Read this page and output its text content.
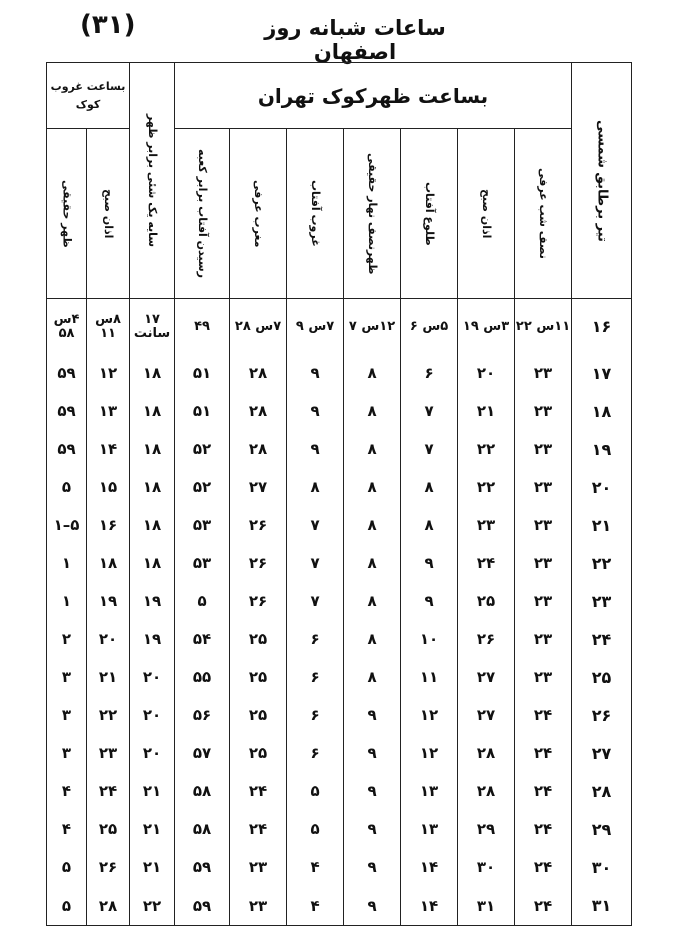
(۳۱)	ساعات شبانه روز اصفهان
تیر برطابق شمسی	بساعت ظهرکوک تهران							سایه یک شئی برابر ظهر	بساعت غروب کوک	

	نصف شب عرفی	اذان صبح	طلوع آفتاب	ظهرنصف نهار حقیقی	غروب آفتاب	مغرب عرفی	رسیدن آفتاب برابر کعبه		اذان صبح	ظهر حقیقی

۱۶	۱۱س ۲۲	۳س ۱۹	۵س ۶	۱۲س ۷	۷س ۹	۷س ۲۸	۴۹	۱۷ سانت	۸س ۱۱	۴س ۵۸
۱۷	۲۳	۲۰	۶	۸	۹	۲۸	۵۱	۱۸	۱۲	۵۹
۱۸	۲۳	۲۱	۷	۸	۹	۲۸	۵۱	۱۸	۱۳	۵۹
۱۹	۲۳	۲۲	۷	۸	۹	۲۸	۵۲	۱۸	۱۴	۵۹
۲۰	۲۳	۲۲	۸	۸	۸	۲۷	۵۲	۱۸	۱۵	۵
۲۱	۲۳	۲۳	۸	۸	۷	۲۶	۵۳	۱۸	۱۶	۵–۱
۲۲	۲۳	۲۴	۹	۸	۷	۲۶	۵۳	۱۸	۱۸	۱
۲۳	۲۳	۲۵	۹	۸	۷	۲۶	۵	۱۹	۱۹	۱
۲۴	۲۳	۲۶	۱۰	۸	۶	۲۵	۵۴	۱۹	۲۰	۲
۲۵	۲۳	۲۷	۱۱	۸	۶	۲۵	۵۵	۲۰	۲۱	۳
۲۶	۲۴	۲۷	۱۲	۹	۶	۲۵	۵۶	۲۰	۲۲	۳
۲۷	۲۴	۲۸	۱۲	۹	۶	۲۵	۵۷	۲۰	۲۳	۳
۲۸	۲۴	۲۸	۱۳	۹	۵	۲۴	۵۸	۲۱	۲۴	۴
۲۹	۲۴	۲۹	۱۳	۹	۵	۲۴	۵۸	۲۱	۲۵	۴
۳۰	۲۴	۳۰	۱۴	۹	۴	۲۳	۵۹	۲۱	۲۶	۵
۳۱	۲۴	۳۱	۱۴	۹	۴	۲۳	۵۹	۲۲	۲۸	۵
